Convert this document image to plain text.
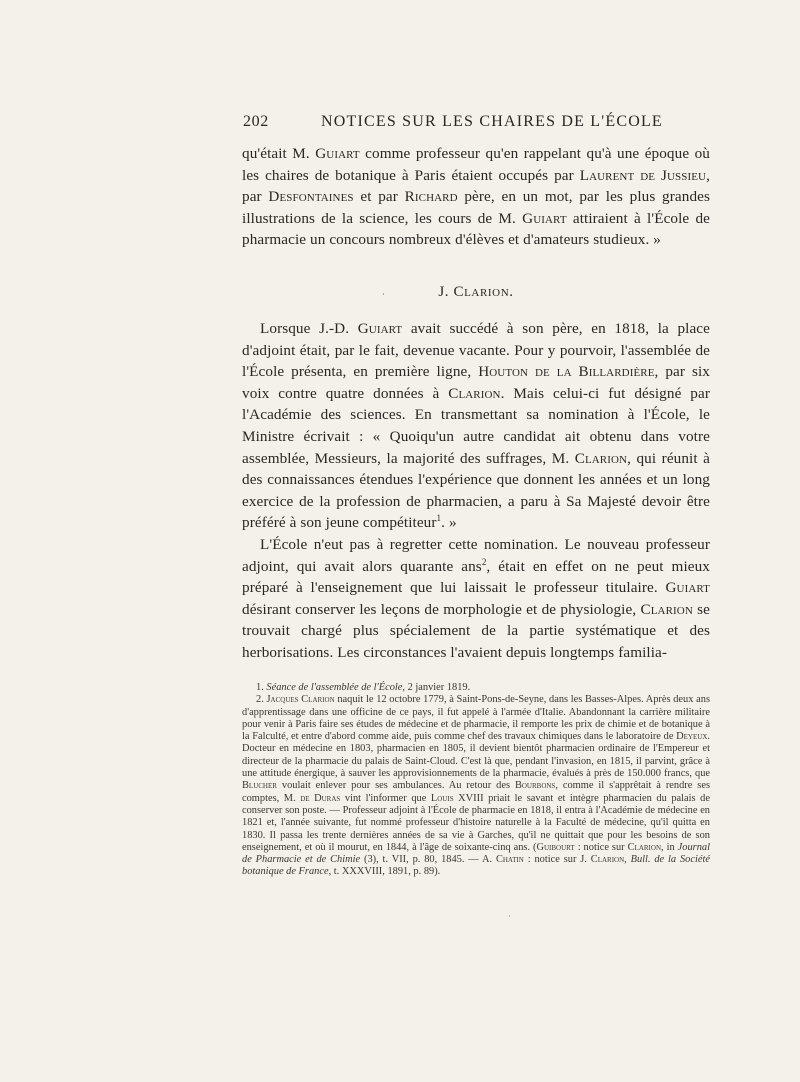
202	NOTICES SUR LES CHAIRES DE L'ÉCOLE

qu'était M. Guiart comme professeur qu'en rappelant qu'à une époque où les chaires de botanique à Paris étaient occupés par Laurent de Jussieu, par Desfontaines et par Richard père, en un mot, par les plus grandes illustrations de la science, les cours de M. Guiart attiraient à l'École de pharmacie un concours nombreux d'élèves et d'amateurs studieux. »

·	J. Clarion.

Lorsque J.-D. Guiart avait succédé à son père, en 1818, la place d'adjoint était, par le fait, devenue vacante. Pour y pourvoir, l'assemblée de l'École présenta, en première ligne, Houton de la Billardière, par six voix contre quatre données à Clarion. Mais celui-ci fut désigné par l'Académie des sciences. En transmettant sa nomination à l'École, le Ministre écrivait : « Quoiqu'un autre candidat ait obtenu dans votre assemblée, Messieurs, la majorité des suffrages, M. Clarion, qui réunit à des connaissances étendues l'expérience que donnent les années et un long exercice de la profession de pharmacien, a paru à Sa Majesté devoir être préféré à son jeune compétiteur$^1$. »

L'École n'eut pas à regretter cette nomination. Le nouveau professeur adjoint, qui avait alors quarante ans$^2$, était en effet on ne peut mieux préparé à l'enseignement que lui laissait le professeur titulaire. Guiart désirant conserver les leçons de morphologie et de physiologie, Clarion se trouvait chargé plus spécialement de la partie systématique et des herborisations. Les circonstances l'avaient depuis longtemps familia-

1. Séance de l'assemblée de l'École, 2 janvier 1819.

2. Jacques Clarion naquit le 12 octobre 1779, à Saint-Pons-de-Seyne, dans les Basses-Alpes. Après deux ans d'apprentissage dans une officine de ce pays, il fut appelé à l'armée d'Italie. Abandonnant la carrière militaire pour venir à Paris faire ses études de médecine et de pharmacie, il remporte les prix de chimie et de botanique à la Falculté, et entre d'abord comme aide, puis comme chef des travaux chimiques dans le laboratoire de Deyeux. Docteur en médecine en 1803, pharmacien en 1805, il devient bientôt pharmacien ordinaire de l'Empereur et directeur de la pharmacie du palais de Saint-Cloud. C'est là que, pendant l'invasion, en 1815, il parvint, grâce à une attitude énergique, à sauver les approvisionnements de la pharmacie, évalués à près de 150.000 francs, que Blucher voulait enlever pour ses ambulances. Au retour des Bourbons, comme il s'apprêtait à rendre ses comptes, M. de Duras vint l'informer que Louis XVIII priait le savant et intègre pharmacien du palais de conserver son poste. — Professeur adjoint à l'École de pharmacie en 1818, il entra à l'Académie de médecine en 1821 et, l'année suivante, fut nommé professeur d'histoire naturelle à la Faculté de médecine, qu'il quitta en 1830. Il passa les trente dernières années de sa vie à Garches, qu'il ne quittait que pour les besoins de son enseignement, et où il mourut, en 1844, à l'âge de soixante-cinq ans. (Guibourt : notice sur Clarion, in Journal de Pharmacie et de Chimie (3), t. VII, p. 80, 1845. — A. Chatin : notice sur J. Clarion, Bull. de la Société botanique de France, t. XXXVIII, 1891, p. 89).

·
